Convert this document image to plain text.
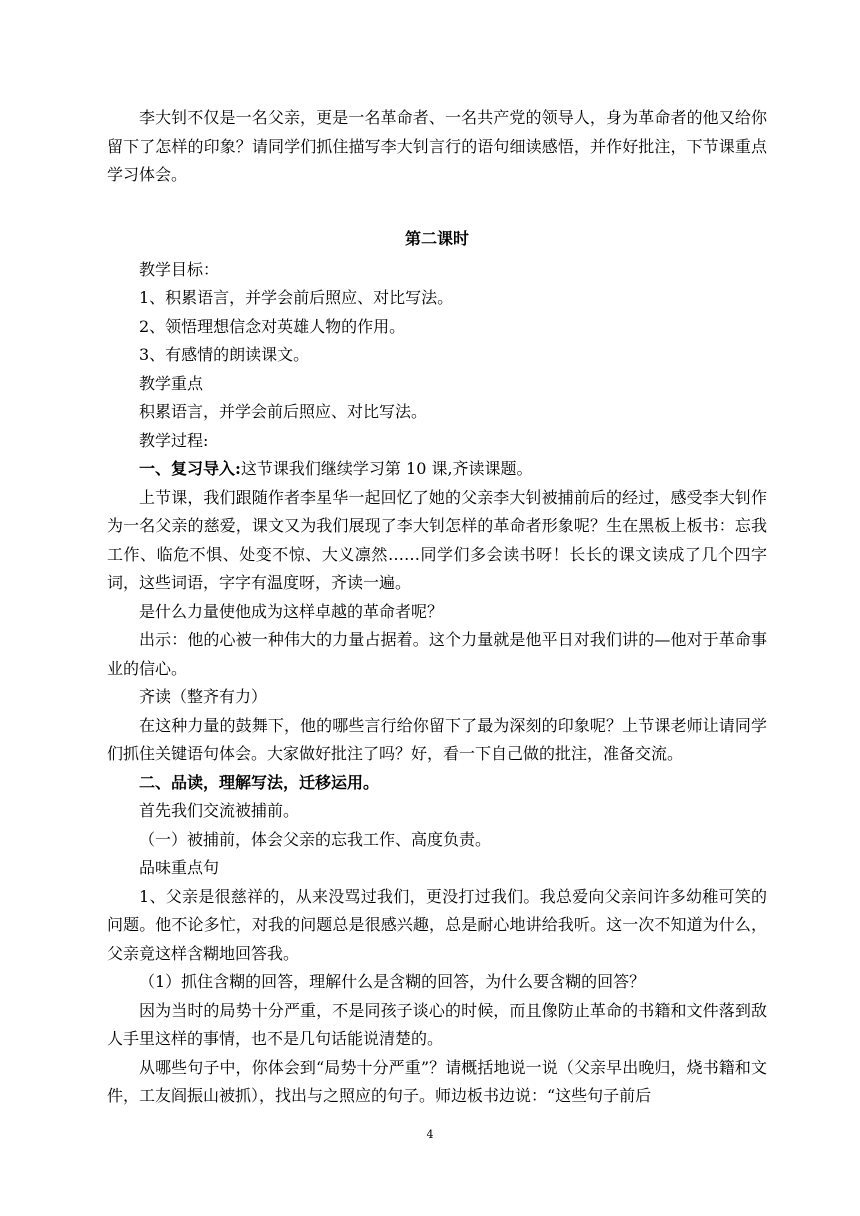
李大钊不仅是一名父亲，更是一名革命者、一名共产党的领导人，身为革命者的他又给你留下了怎样的印象？请同学们抓住描写李大钊言行的语句细读感悟，并作好批注，下节课重点学习体会。

第二课时

教学目标：

1、积累语言，并学会前后照应、对比写法。

2、领悟理想信念对英雄人物的作用。

3、有感情的朗读课文。

教学重点

积累语言，并学会前后照应、对比写法。

教学过程:

一、复习导入:这节课我们继续学习第 10 课,齐读课题。

上节课，我们跟随作者李星华一起回忆了她的父亲李大钊被捕前后的经过，感受李大钊作为一名父亲的慈爱，课文又为我们展现了李大钊怎样的革命者形象呢？生在黑板上板书：忘我工作、临危不惧、处变不惊、大义凛然……同学们多会读书呀！长长的课文读成了几个四字词，这些词语，字字有温度呀，齐读一遍。

是什么力量使他成为这样卓越的革命者呢？

出示：他的心被一种伟大的力量占据着。这个力量就是他平日对我们讲的—他对于革命事业的信心。

齐读（整齐有力）

在这种力量的鼓舞下，他的哪些言行给你留下了最为深刻的印象呢？上节课老师让请同学们抓住关键语句体会。大家做好批注了吗？好，看一下自己做的批注，准备交流。

二、品读，理解写法，迁移运用。

首先我们交流被捕前。

（一）被捕前，体会父亲的忘我工作、高度负责。

品味重点句

1、父亲是很慈祥的，从来没骂过我们，更没打过我们。我总爱向父亲问许多幼稚可笑的问题。他不论多忙，对我的问题总是很感兴趣，总是耐心地讲给我听。这一次不知道为什么，父亲竟这样含糊地回答我。

（1）抓住含糊的回答，理解什么是含糊的回答，为什么要含糊的回答？

因为当时的局势十分严重，不是同孩子谈心的时候，而且像防止革命的书籍和文件落到敌人手里这样的事情，也不是几句话能说清楚的。

从哪些句子中，你体会到“局势十分严重”？请概括地说一说（父亲早出晚归，烧书籍和文件，工友阎振山被抓），找出与之照应的句子。师边板书边说：“这些句子前后

4
